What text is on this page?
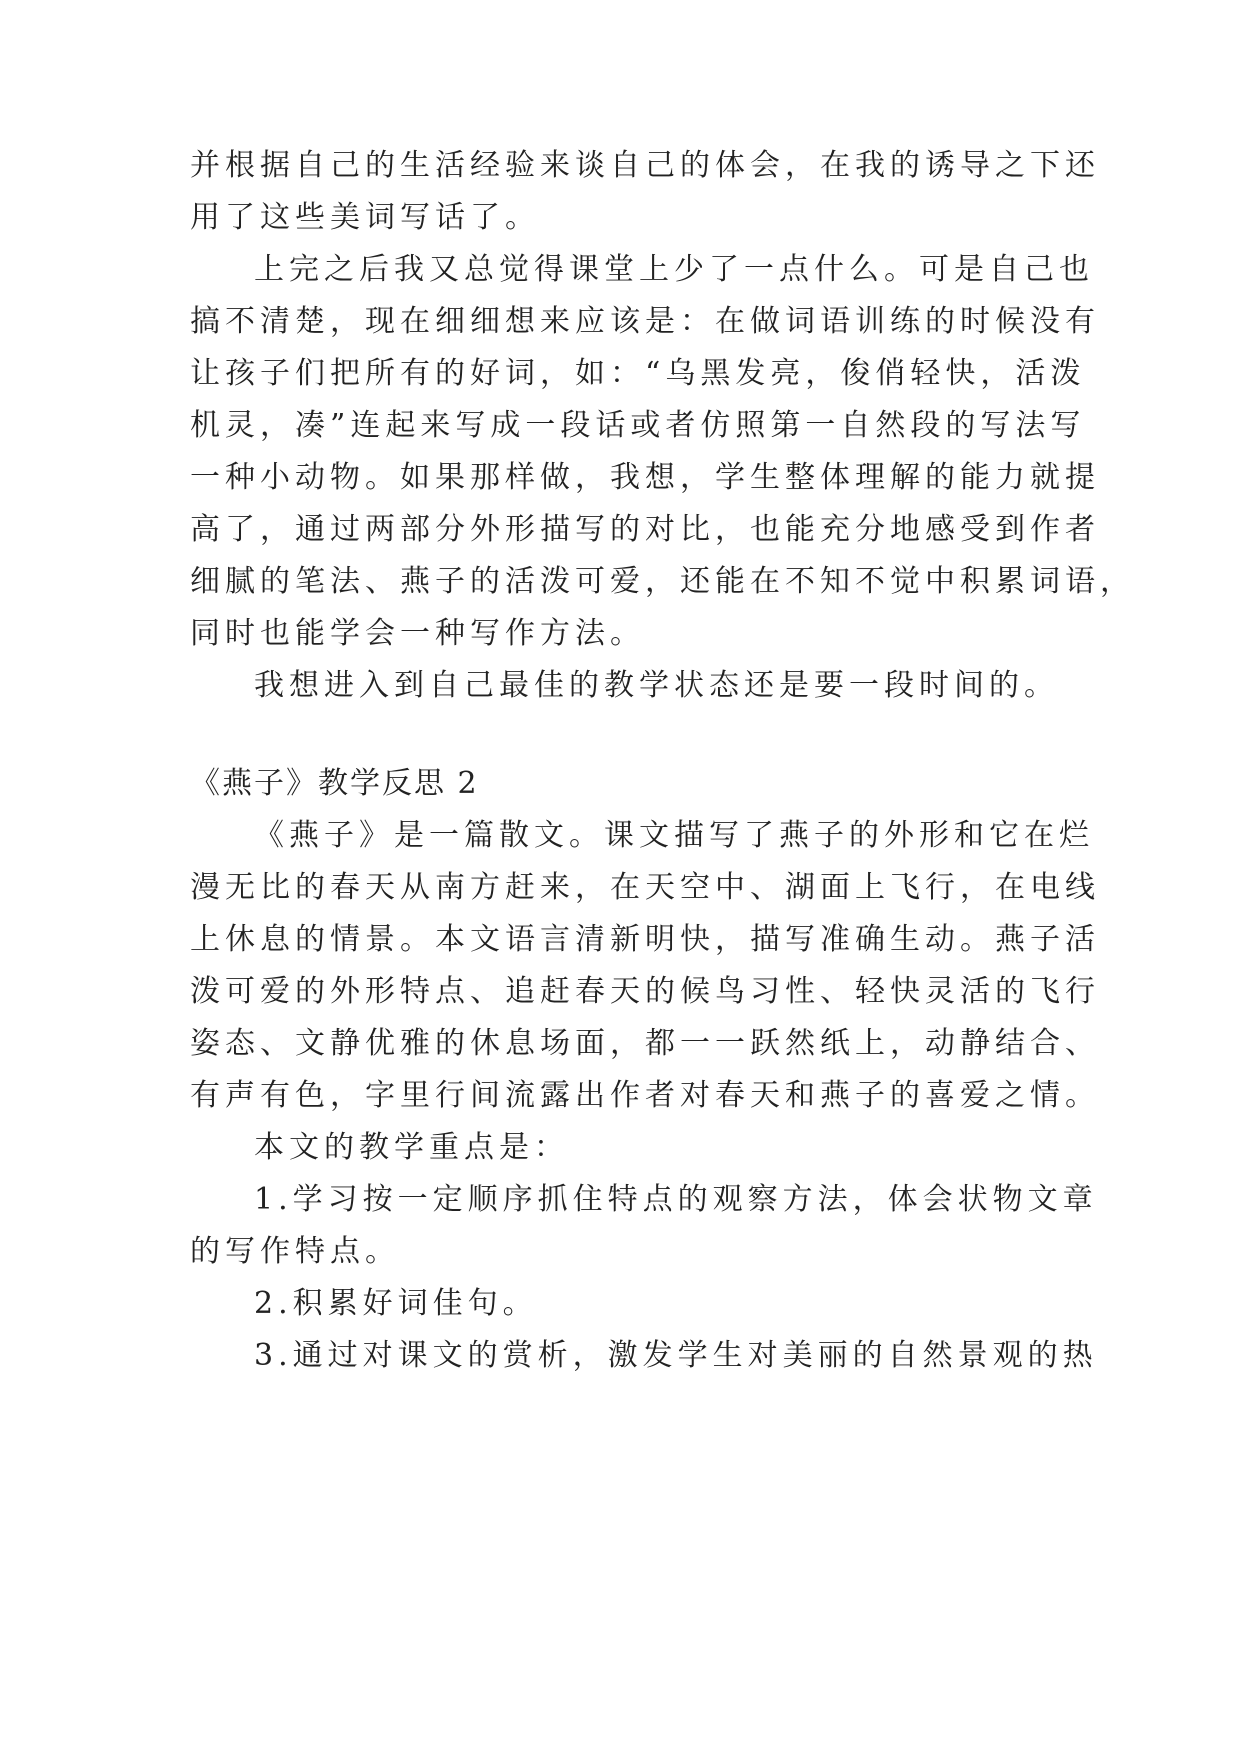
并根据自己的生活经验来谈自己的体会，在我的诱导之下还
用了这些美词写话了。
上完之后我又总觉得课堂上少了一点什么。可是自己也
搞不清楚，现在细细想来应该是：在做词语训练的时候没有
让孩子们把所有的好词，如：“乌黑发亮，俊俏轻快，活泼
机灵，凑”连起来写成一段话或者仿照第一自然段的写法写
一种小动物。如果那样做，我想，学生整体理解的能力就提
高了，通过两部分外形描写的对比，也能充分地感受到作者
细腻的笔法、燕子的活泼可爱，还能在不知不觉中积累词语，
同时也能学会一种写作方法。
我想进入到自己最佳的教学状态还是要一段时间的。
《燕子》教学反思 2
《燕子》是一篇散文。课文描写了燕子的外形和它在烂
漫无比的春天从南方赶来，在天空中、湖面上飞行，在电线
上休息的情景。本文语言清新明快，描写准确生动。燕子活
泼可爱的外形特点、追赶春天的候鸟习性、轻快灵活的飞行
姿态、文静优雅的休息场面，都一一跃然纸上，动静结合、
有声有色，字里行间流露出作者对春天和燕子的喜爱之情。
本文的教学重点是：
1.学习按一定顺序抓住特点的观察方法，体会状物文章
的写作特点。
2.积累好词佳句。
3.通过对课文的赏析，激发学生对美丽的自然景观的热
